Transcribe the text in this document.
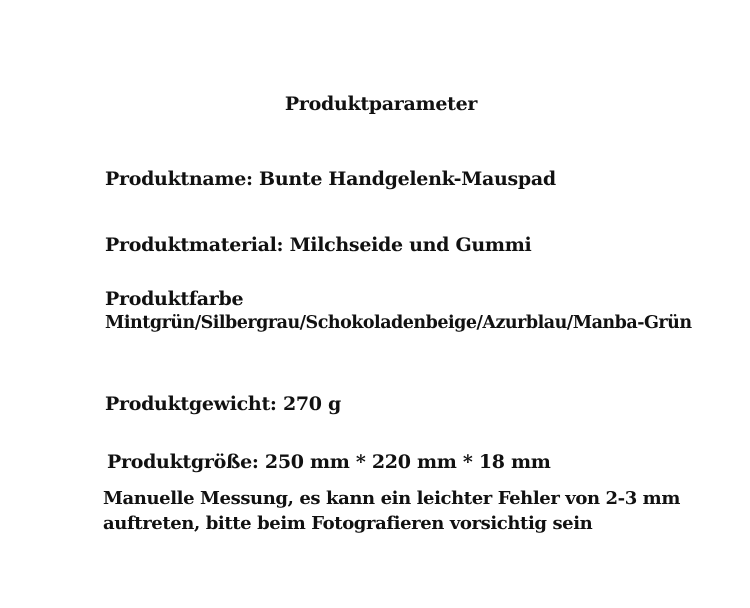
Produktparameter
Produktname: Bunte Handgelenk-Mauspad
Produktmaterial: Milchseide und Gummi
Produktfarbe
Mintgrün/Silbergrau/Schokoladenbeige/Azurblau/Manba-Grün
Produktgewicht: 270 g
Produktgröße: 250 mm * 220 mm * 18 mm
Manuelle Messung, es kann ein leichter Fehler von 2-3 mm
auftreten, bitte beim Fotografieren vorsichtig sein
